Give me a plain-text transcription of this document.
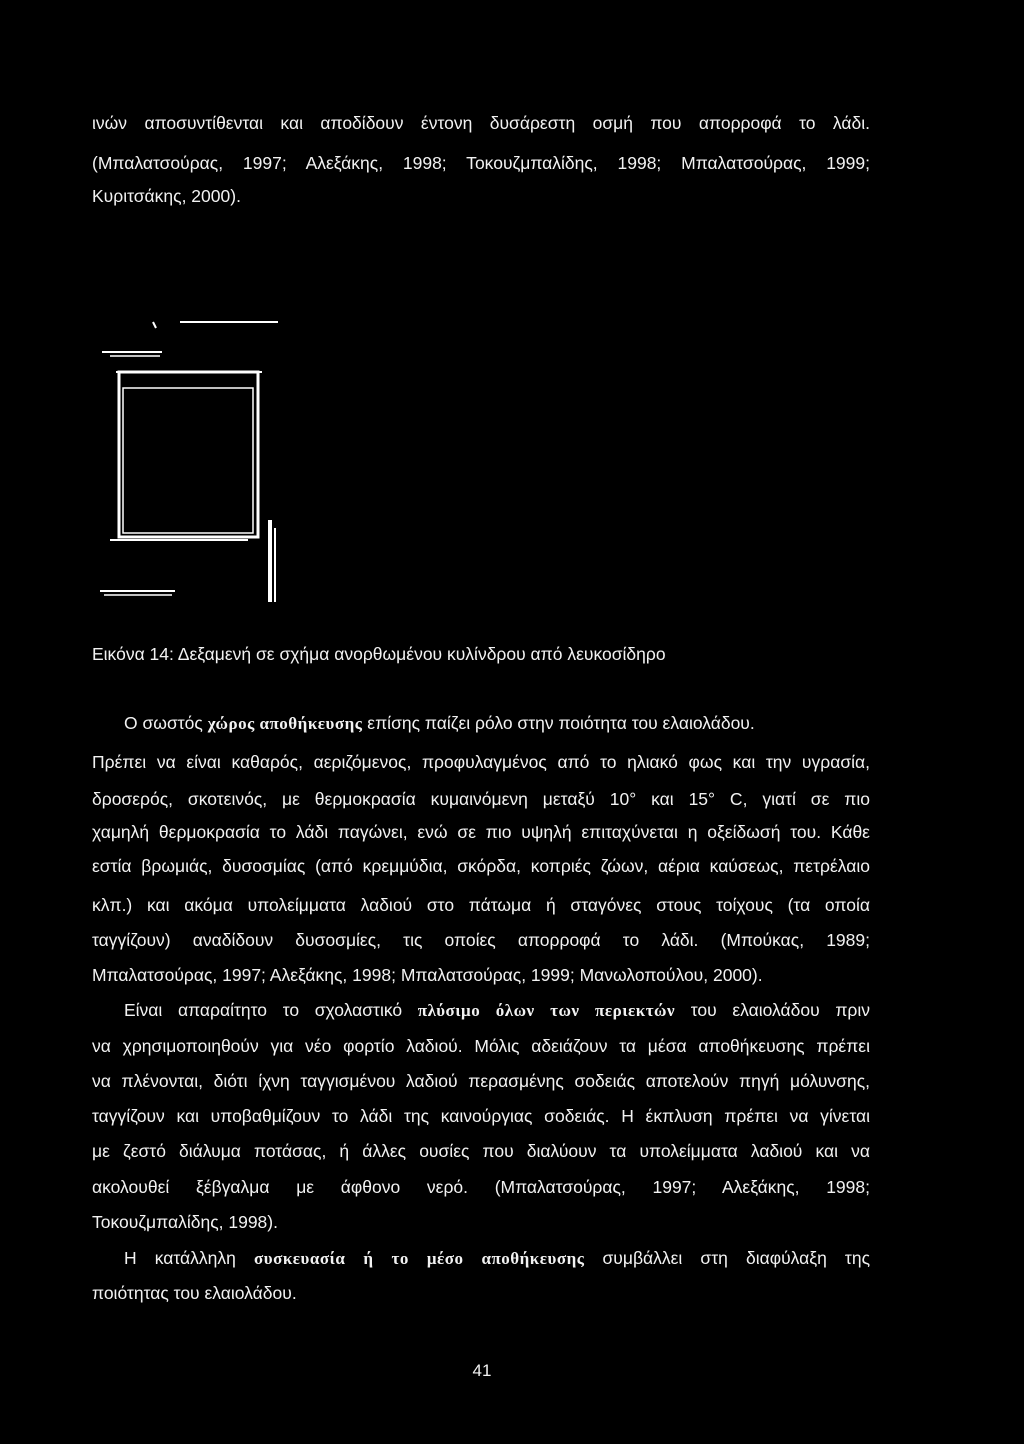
ινών αποσυντίθενται και αποδίδουν έντονη δυσάρεστη οσμή που απορροφά το λάδι.
(Μπαλατσούρας, 1997; Αλεξάκης, 1998; Τοκουζμπαλίδης, 1998; Μπαλατσούρας, 1999;
Κυριτσάκης, 2000).
Εικόνα 14: Δεξαμενή σε σχήμα ανορθωμένου κυλίνδρου από λευκοσίδηρο
Ο σωστός χώρος αποθήκευσης επίσης παίζει ρόλο στην ποιότητα του ελαιολάδου.
Πρέπει να είναι καθαρός, αεριζόμενος, προφυλαγμένος από το ηλιακό φως και την υγρασία,
δροσερός, σκοτεινός, με θερμοκρασία κυμαινόμενη μεταξύ 10° και 15° C, γιατί σε πιο
χαμηλή θερμοκρασία το λάδι παγώνει, ενώ σε πιο υψηλή επιταχύνεται η οξείδωσή του. Κάθε
εστία βρωμιάς, δυσοσμίας (από κρεμμύδια, σκόρδα, κοπριές ζώων, αέρια καύσεως, πετρέλαιο
κλπ.) και ακόμα υπολείμματα λαδιού στο πάτωμα ή σταγόνες στους τοίχους (τα οποία
ταγγίζουν) αναδίδουν δυσοσμίες, τις οποίες απορροφά το λάδι. (Μπούκας, 1989;
Μπαλατσούρας, 1997; Αλεξάκης, 1998; Μπαλατσούρας, 1999; Μανωλοπούλου, 2000).
Είναι απαραίτητο το σχολαστικό πλύσιμο όλων των περιεκτών του ελαιολάδου πριν
να χρησιμοποιηθούν για νέο φορτίο λαδιού. Μόλις αδειάζουν τα μέσα αποθήκευσης πρέπει
να πλένονται, διότι ίχνη ταγγισμένου λαδιού περασμένης σοδειάς αποτελούν πηγή μόλυνσης,
ταγγίζουν και υποβαθμίζουν το λάδι της καινούργιας σοδειάς. Η έκπλυση πρέπει να γίνεται
με ζεστό διάλυμα ποτάσας, ή άλλες ουσίες που διαλύουν τα υπολείμματα λαδιού και να
ακολουθεί ξέβγαλμα με άφθονο νερό. (Μπαλατσούρας, 1997; Αλεξάκης, 1998;
Τοκουζμπαλίδης, 1998).
Η κατάλληλη συσκευασία ή το μέσο αποθήκευσης συμβάλλει στη διαφύλαξη της
ποιότητας του ελαιολάδου.
41
